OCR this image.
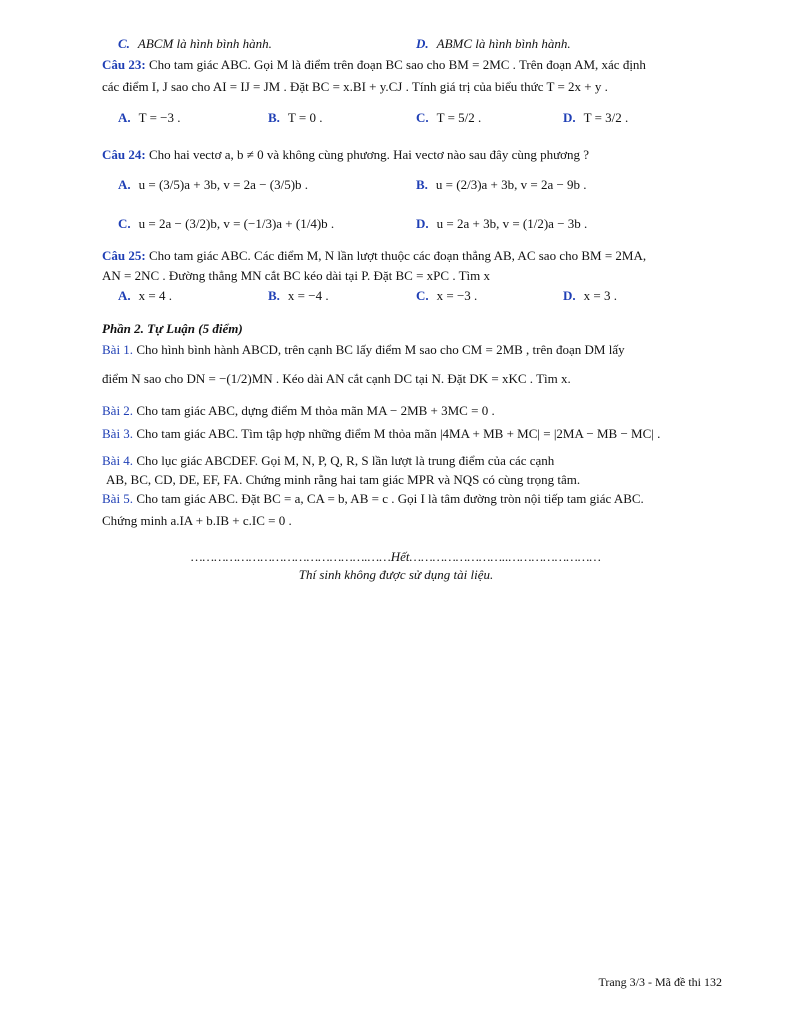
C. ABCM là hình bình hành.	D. ABMC là hình bình hành.
Câu 23: Cho tam giác ABC. Gọi M là điểm trên đoạn BC sao cho BM = 2MC . Trên đoạn AM, xác định
các điểm I, J sao cho AI = IJ = JM . Đặt BC = x.BI + y.CJ . Tính giá trị của biểu thức T = 2x + y .
A. T = −3 .	B. T = 0 .	C. T = 5/2 .	D. T = 3/2 .
Câu 24: Cho hai vectơ a, b ≠ 0 và không cùng phương. Hai vectơ nào sau đây cùng phương ?
A. u = (3/5)a + 3b, v = 2a − (3/5)b .	B. u = (2/3)a + 3b, v = 2a − 9b .
C. u = 2a − (3/2)b, v = (−1/3)a + (1/4)b .	D. u = 2a + 3b, v = (1/2)a − 3b .
Câu 25: Cho tam giác ABC. Các điểm M, N lần lượt thuộc các đoạn thẳng AB, AC sao cho BM = 2MA,
AN = 2NC . Đường thẳng MN cắt BC kéo dài tại P. Đặt BC = xPC . Tìm x
A. x = 4 .	B. x = −4 .	C. x = −3 .	D. x = 3 .
Phần 2. Tự Luận (5 điểm)
Bài 1. Cho hình bình hành ABCD, trên cạnh BC lấy điểm M sao cho CM = 2MB , trên đoạn DM lấy
điểm N sao cho DN = −(1/2)MN . Kéo dài AN cắt cạnh DC tại N. Đặt DK = xKC . Tìm x.
Bài 2. Cho tam giác ABC, dựng điểm M thỏa mãn MA − 2MB + 3MC = 0 .
Bài 3. Cho tam giác ABC. Tìm tập hợp những điểm M thỏa mãn |4MA + MB + MC| = |2MA − MB − MC| .
Bài 4. Cho lục giác ABCDEF. Gọi M, N, P, Q, R, S lần lượt là trung điểm của các cạnh
AB, BC, CD, DE, EF, FA. Chứng minh rằng hai tam giác MPR và NQS có cùng trọng tâm.
Bài 5. Cho tam giác ABC. Đặt BC = a, CA = b, AB = c . Gọi I là tâm đường tròn nội tiếp tam giác ABC.
Chứng minh a.IA + b.IB + c.IC = 0 .
……………………………………….……Hết……………………..……………………
Thí sinh không được sử dụng tài liệu.
Trang 3/3 - Mã đề thi 132
